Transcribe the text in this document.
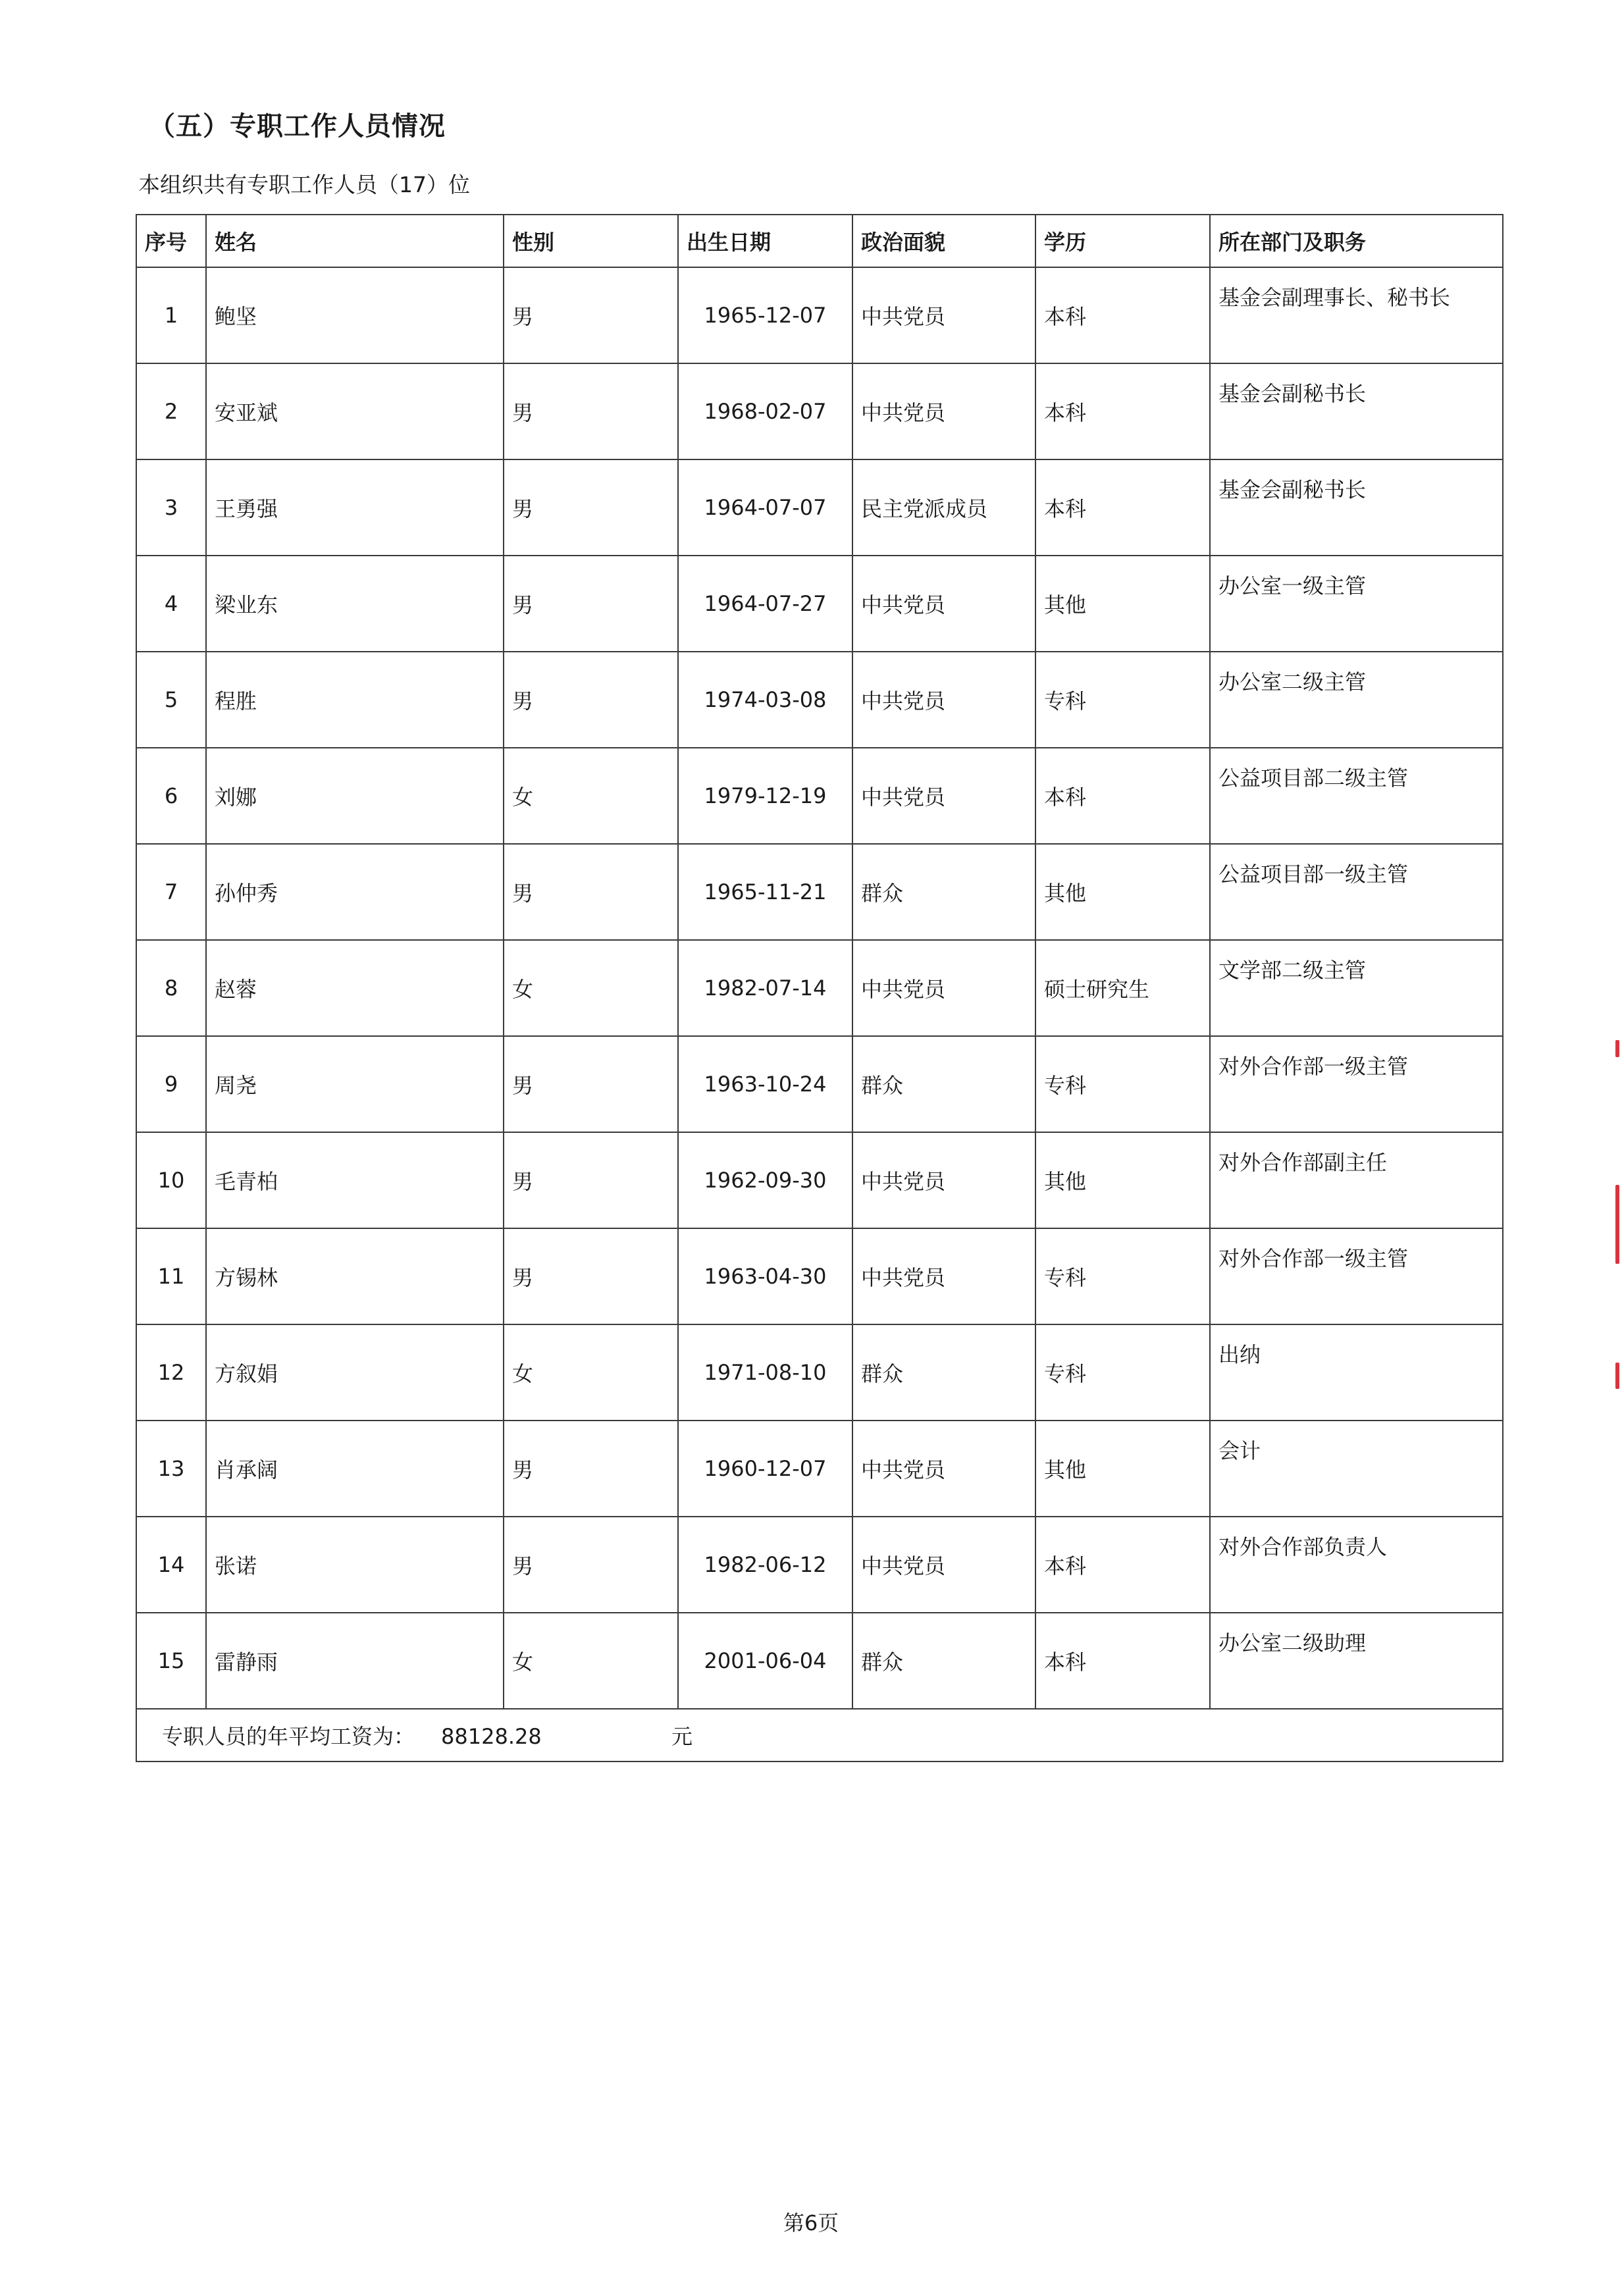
（五）专职工作人员情况
本组织共有专职工作人员（17）位
序号	姓名	性别	出生日期	政治面貌	学历	所在部门及职务
1	鲍坚	男	1965-12-07	中共党员	本科	基金会副理事长、秘书长
2	安亚斌	男	1968-02-07	中共党员	本科	基金会副秘书长
3	王勇强	男	1964-07-07	民主党派成员	本科	基金会副秘书长
4	梁业东	男	1964-07-27	中共党员	其他	办公室一级主管
5	程胜	男	1974-03-08	中共党员	专科	办公室二级主管
6	刘娜	女	1979-12-19	中共党员	本科	公益项目部二级主管
7	孙仲秀	男	1965-11-21	群众	其他	公益项目部一级主管
8	赵蓉	女	1982-07-14	中共党员	硕士研究生	文学部二级主管
9	周尧	男	1963-10-24	群众	专科	对外合作部一级主管
10	毛青柏	男	1962-09-30	中共党员	其他	对外合作部副主任
11	方锡林	男	1963-04-30	中共党员	专科	对外合作部一级主管
12	方叙娟	女	1971-08-10	群众	专科	出纳
13	肖承阔	男	1960-12-07	中共党员	其他	会计
14	张诺	男	1982-06-12	中共党员	本科	对外合作部负责人
15	雷静雨	女	2001-06-04	群众	本科	办公室二级助理
专职人员的年平均工资为： 88128.28 元						
第6页
